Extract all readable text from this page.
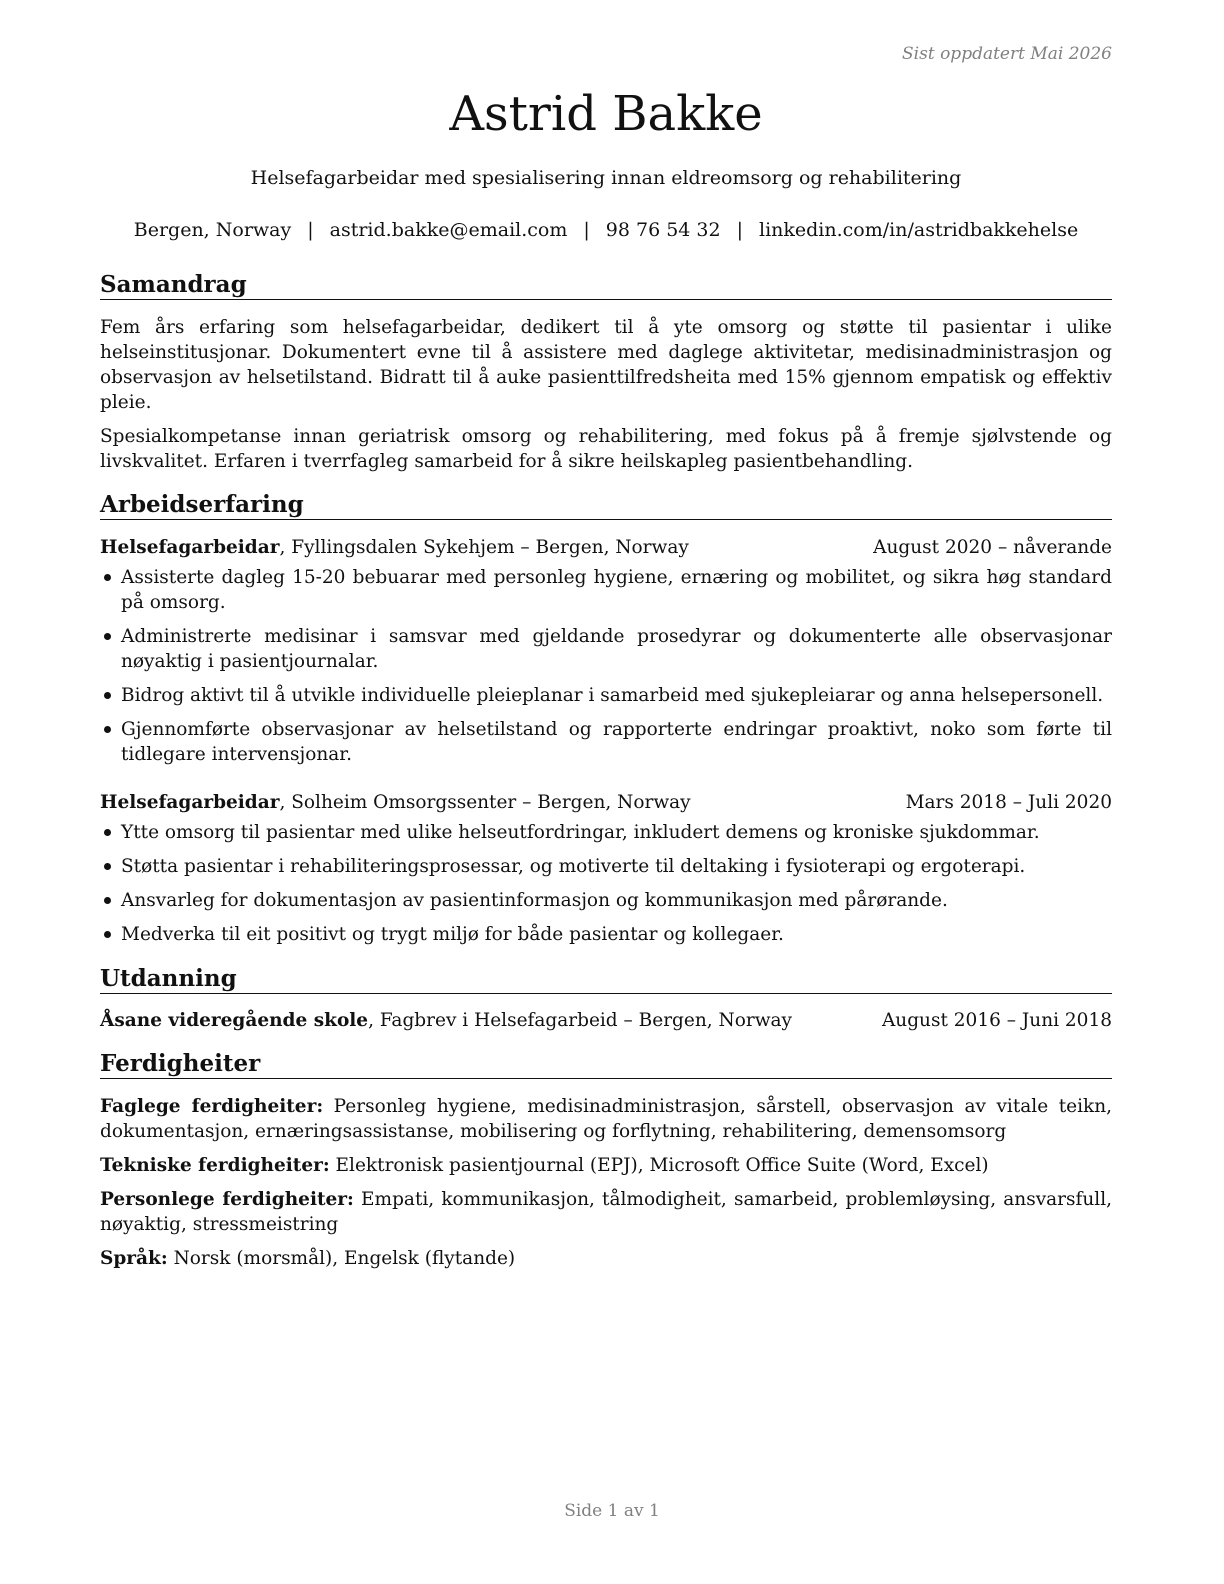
Sist oppdatert Mai 2026
Astrid Bakke
Helsefagarbeidar med spesialisering innan eldreomsorg og rehabilitering
Bergen, Norway | astrid.bakke@email.com | 98 76 54 32 | linkedin.com/in/astridbakkehelse
Samandrag

Fem års erfaring som helsefagarbeidar, dedikert til å yte omsorg og støtte til pasientar i ulike helseinstitusjonar. Dokumentert evne til å assistere med daglege aktivitetar, medisinadministrasjon og observasjon av helsetilstand. Bidratt til å auke pasienttilfredsheita med 15% gjennom empatisk og effektiv pleie.

Spesialkompetanse innan geriatrisk omsorg og rehabilitering, med fokus på å fremje sjølvstende og livskvalitet. Erfaren i tverrfagleg samarbeid for å sikre heilskapleg pasientbehandling.

Arbeidserfaring
Helsefagarbeidar, Fyllingsdalen Sykehjem – Bergen, Norway	August 2020 – nåverande
Assisterte dagleg 15-20 bebuarar med personleg hygiene, ernæring og mobilitet, og sikra høg standard på omsorg.
Administrerte medisinar i samsvar med gjeldande prosedyrar og dokumenterte alle observasjonar nøyaktig i pasientjournalar.
Bidrog aktivt til å utvikle individuelle pleieplanar i samarbeid med sjukepleiarar og anna helsepersonell.
Gjennomførte observasjonar av helsetilstand og rapporterte endringar proaktivt, noko som førte til tidlegare intervensjonar.
Helsefagarbeidar, Solheim Omsorgssenter – Bergen, Norway	Mars 2018 – Juli 2020
Ytte omsorg til pasientar med ulike helseutfordringar, inkludert demens og kroniske sjukdommar.
Støtta pasientar i rehabiliteringsprosessar, og motiverte til deltaking i fysioterapi og ergoterapi.
Ansvarleg for dokumentasjon av pasientinformasjon og kommunikasjon med pårørande.
Medverka til eit positivt og trygt miljø for både pasientar og kollegaer.
Utdanning
Åsane videregående skole, Fagbrev i Helsefagarbeid – Bergen, Norway	August 2016 – Juni 2018
Ferdigheiter

Faglege ferdigheiter: Personleg hygiene, medisinadministrasjon, sårstell, observasjon av vitale teikn, dokumentasjon, ernæringsassistanse, mobilisering og forflytning, rehabilitering, demensomsorg

Tekniske ferdigheiter: Elektronisk pasientjournal (EPJ), Microsoft Office Suite (Word, Excel)

Personlege ferdigheiter: Empati, kommunikasjon, tålmodigheit, samarbeid, problemløysing, ansvarsfull, nøyaktig, stressmeistring

Språk: Norsk (morsmål), Engelsk (flytande)

Side 1 av 1
